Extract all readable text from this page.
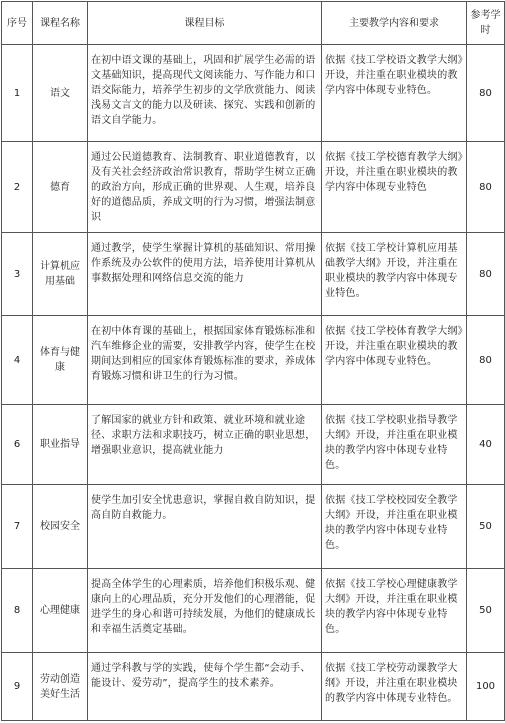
序号	课程名称	课程目标	主要教学内容和要求	参考学时
1	语文	在初中语文课的基础上，巩固和扩展学生必需的语文基础知识，提高现代文阅读能力、写作能力和口语交际能力，培养学生初步的文学欣赏能力、阅读浅易文言文的能力以及研读、探究、实践和创新的语文自学能力。	依据《技工学校语文教学大纲》开设，并注重在职业模块的教学内容中体现专业特色。	80
2	德育	通过公民道德教育、法制教育、职业道德教育，以及有关社会经济政治常识教育，帮助学生树立正确的政治方向，形成正确的世界观、人生观，培养良好的道德品质，养成文明的行为习惯，增强法制意识	依据《技工学校德育教学大纲》开设，并注重在职业模块的教学内容中体现专业特色	80
3	计算机应用基础	通过教学，使学生掌握计算机的基础知识、常用操作系统及办公软件的使用方法，培养使用计算机从事数据处理和网络信息交流的能力	依据《技工学校计算机应用基础教学大纲》开设，并注重在职业模块的教学内容中体现专业特色。	80
4	体育与健康	在初中体育课的基础上，根据国家体育锻炼标准和汽车维修企业的需要，安排教学内容，使学生在校期间达到相应的国家体育锻炼标准的要求，养成体育锻炼习惯和讲卫生的行为习惯。	依据《技工学校体育教学大纲》开设，并注重在职业模块的教学内容中体现专业特色。	80
6	职业指导	了解国家的就业方针和政策、就业环境和就业途径、求职方法和求职技巧，树立正确的职业思想，增强职业意识，提高就业能力	依据《技工学校职业指导教学大纲》开设，并注重在职业模块的教学内容中体现专业特色。	40
7	校园安全	使学生加引安全忧患意识，掌握自救自防知识，提高自防自救能力。	依据《技工学校校园安全教学大纲》开设，并注重在职业模块的教学内容中体现专业特色。	50
8	心理健康	提高全体学生的心理素质，培养他们积极乐观、健康向上的心理品质，充分开发他们的心理潜能，促进学生的身心和谐可持续发展，为他们的健康成长和幸福生活奠定基础。	依据《技工学校心理健康教学大纲》开设，并注重在职业模块的教学内容中体现专业特色。	50
9	劳动创造美好生活	通过学科教与学的实践，使每个学生都“会动手、能设计、爱劳动”，提高学生的技术素养。	依据《技工学校劳动课教学大纲》开设，并注重在职业模块的教学内容中体现专业特色。	100
